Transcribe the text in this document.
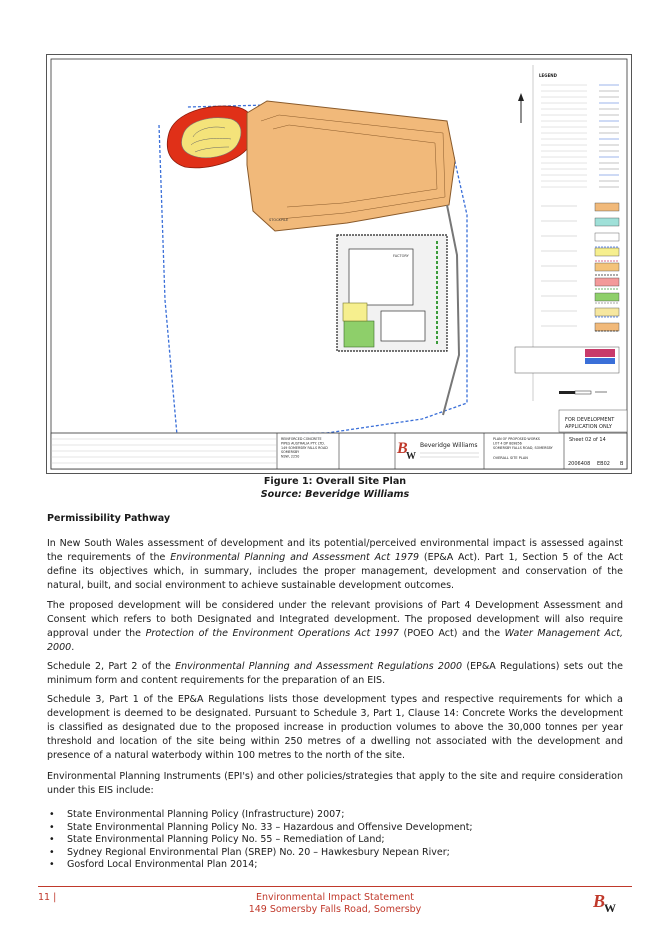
STOCKPILE
FACTORY
LEGEND
FOR DEVELOPMENT
APPLICATION ONLY
REINFORCED CONCRETE
PIPES AUSTRALIA PTY. LTD.
149 SOMERSBY FALLS ROAD
SOMERSBY
NSW, 2250	B
W
Beveridge Williams
PLAN OF PROPOSED WORKS
LOT 4 DP 809856
SOMERSBY FALLS ROAD, SOMERSBY
OVERALL SITE PLAN
Sheet 02 of 14
2006408 EB02 B
Figure 1: Overall Site Plan
Source: Beveridge Williams
Permissibility Pathway

In New South Wales assessment of development and its potential/perceived environmental impact is assessed against the requirements of the Environmental Planning and Assessment Act 1979 (EP&A Act). Part 1, Section 5 of the Act define its objectives which, in summary, includes the proper management, development and conservation of the natural, built, and social environment to achieve sustainable development outcomes.

The proposed development will be considered under the relevant provisions of Part 4 Development Assessment and Consent which refers to both Designated and Integrated development. The proposed development will also require approval under the Protection of the Environment Operations Act 1997 (POEO Act) and the Water Management Act, 2000.

Schedule 2, Part 2 of the Environmental Planning and Assessment Regulations 2000 (EP&A Regulations) sets out the minimum form and content requirements for the preparation of an EIS.

Schedule 3, Part 1 of the EP&A Regulations lists those development types and respective requirements for which a development is deemed to be designated. Pursuant to Schedule 3, Part 1, Clause 14: Concrete Works the development is classified as designated due to the proposed increase in production volumes to above the 30,000 tonnes per year threshold and location of the site being within 250 metres of a dwelling not associated with the development and presence of a natural waterbody within 100 metres to the north of the site.

Environmental Planning Instruments (EPI's) and other policies/strategies that apply to the site and require consideration under this EIS include:

• State Environmental Planning Policy (Infrastructure) 2007;
• State Environmental Planning Policy No. 33 – Hazardous and Offensive Development;
• State Environmental Planning Policy No. 55 – Remediation of Land;
• Sydney Regional Environmental Plan (SREP) No. 20 – Hawkesbury Nepean River;
• Gosford Local Environmental Plan 2014;
11 |	Environmental Impact Statement
149 Somersby Falls Road, Somersby	B
W
